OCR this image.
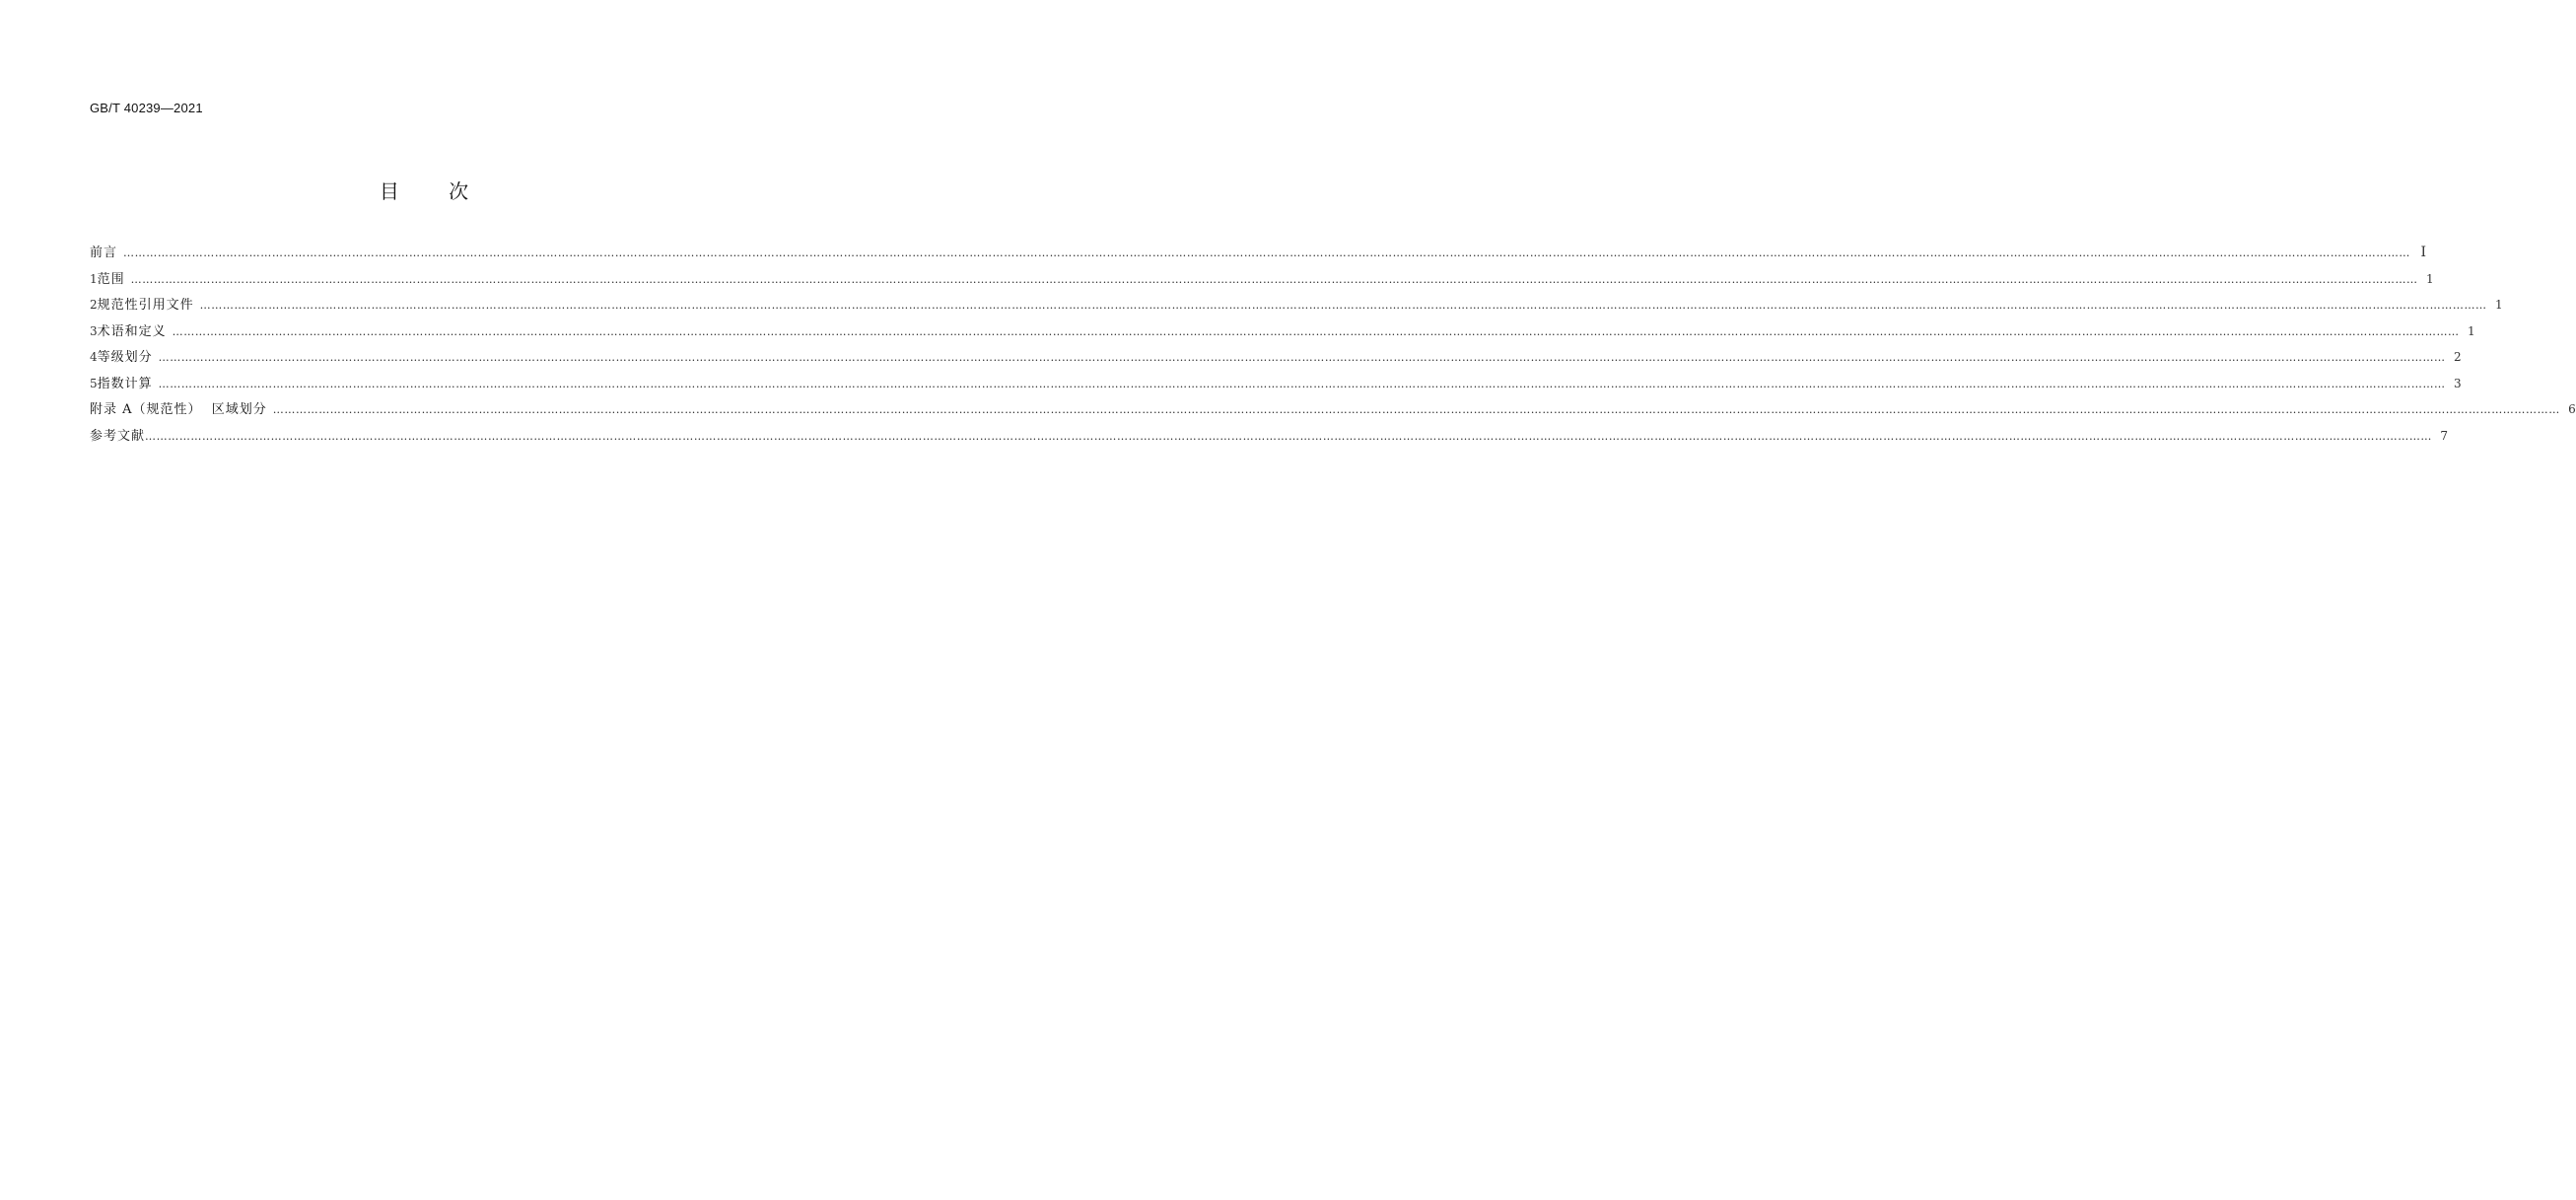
GB/T 40239—2021
目 次
前言 …………………………………………………………………………………………………………………………………………………………………………………………………………………………………………………………………………………………………………………………………………………………………………………………………………………………………………………………………………………………………………………………………………………… Ⅰ
1 范围 …………………………………………………………………………………………………………………………………………………………………………………………………………………………………………………………………………………………………………………………………………………………………………………………………………………………………………………………………………………………………………………………………………………… 1
2 规范性引用文件 …………………………………………………………………………………………………………………………………………………………………………………………………………………………………………………………………………………………………………………………………………………………………………………………………………………………………………………………………………………………………………………………………………………… 1
3 术语和定义 …………………………………………………………………………………………………………………………………………………………………………………………………………………………………………………………………………………………………………………………………………………………………………………………………………………………………………………………………………………………………………………………………………………… 1
4 等级划分 …………………………………………………………………………………………………………………………………………………………………………………………………………………………………………………………………………………………………………………………………………………………………………………………………………………………………………………………………………………………………………………………………………………… 2
5 指数计算 …………………………………………………………………………………………………………………………………………………………………………………………………………………………………………………………………………………………………………………………………………………………………………………………………………………………………………………………………………………………………………………………………………………… 3
附录 A（规范性）  区域划分 …………………………………………………………………………………………………………………………………………………………………………………………………………………………………………………………………………………………………………………………………………………………………………………………………………………………………………………………………………………………………………………………………………………… 6
参考文献 …………………………………………………………………………………………………………………………………………………………………………………………………………………………………………………………………………………………………………………………………………………………………………………………………………………………………………………………………………………………………………………………………………………… 7
